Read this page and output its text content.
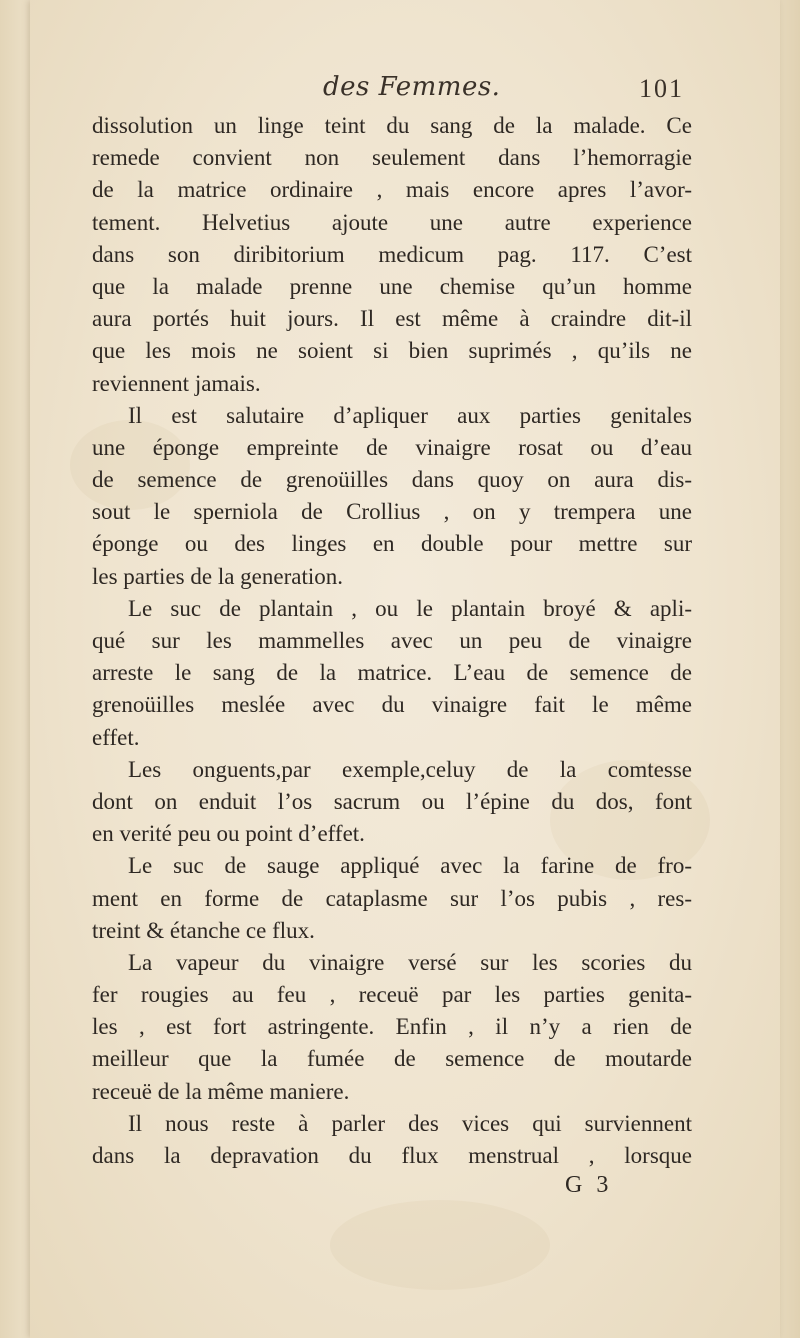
des Femmes.	101
dissolution un linge teint du sang de la malade. Ce
remede convient non seulement dans l’hemorragie
de la matrice ordinaire , mais encore apres l’avor-
tement. Helvetius ajoute une autre experience
dans son diribitorium medicum pag. 117. C’est
que la malade prenne une chemise qu’un homme
aura portés huit jours. Il est même à craindre dit-il
que les mois ne soient si bien suprimés , qu’ils ne
reviennent jamais.
Il est salutaire d’apliquer aux parties genitales
une éponge empreinte de vinaigre rosat ou d’eau
de semence de grenoüilles dans quoy on aura dis-
sout le sperniola de Crollius , on y trempera une
éponge ou des linges en double pour mettre sur
les parties de la generation.
Le suc de plantain , ou le plantain broyé & apli-
qué sur les mammelles avec un peu de vinaigre
arreste le sang de la matrice. L’eau de semence de
grenoüilles meslée avec du vinaigre fait le même
effet.
Les onguents,par exemple,celuy de la comtesse
dont on enduit l’os sacrum ou l’épine du dos, font
en verité peu ou point d’effet.
Le suc de sauge appliqué avec la farine de fro-
ment en forme de cataplasme sur l’os pubis , res-
treint & étanche ce flux.
La vapeur du vinaigre versé sur les scories du
fer rougies au feu , receuë par les parties genita-
les , est fort astringente. Enfin , il n’y a rien de
meilleur que la fumée de semence de moutarde
receuë de la même maniere.
Il nous reste à parler des vices qui surviennent
dans la depravation du flux menstrual , lorsque
G 3
